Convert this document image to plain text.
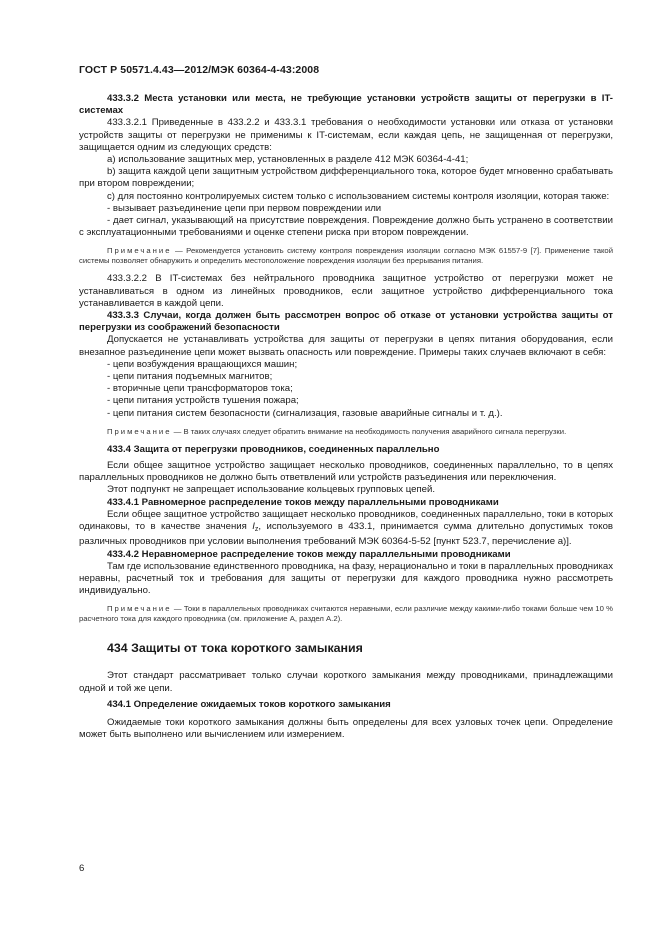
ГОСТ Р 50571.4.43—2012/МЭК 60364-4-43:2008

433.3.2 Места установки или места, не требующие установки устройств защиты от перегрузки в IT-системах

433.3.2.1 Приведенные в 433.2.2 и 433.3.1 требования о необходимости установки или отказа от установки устройств защиты от перегрузки не применимы к IT-системам, если каждая цепь, не защищенная от перегрузки, защищается одним из следующих средств:

a) использование защитных мер, установленных в разделе 412 МЭК 60364-4-41;

b) защита каждой цепи защитным устройством дифференциального тока, которое будет мгновенно срабатывать при втором повреждении;

c) для постоянно контролируемых систем только с использованием системы контроля изоляции, которая также:

- вызывает разъединение цепи при первом повреждении или

- дает сигнал, указывающий на присутствие повреждения. Повреждение должно быть устранено в соответствии с эксплуатационными требованиями и оценке степени риска при втором повреждении.

Примечание — Рекомендуется установить систему контроля повреждения изоляции согласно МЭК 61557-9 [7]. Применение такой системы позволяет обнаружить и определить местоположение повреждения изоляции без прерывания питания.

433.3.2.2 В IT-системах без нейтрального проводника защитное устройство от перегрузки может не устанавливаться в одном из линейных проводников, если защитное устройство дифференциального тока устанавливается в каждой цепи.

433.3.3 Случаи, когда должен быть рассмотрен вопрос об отказе от установки устройства защиты от перегрузки из соображений безопасности

Допускается не устанавливать устройства для защиты от перегрузки в цепях питания оборудования, если внезапное разъединение цепи может вызвать опасность или повреждение. Примеры таких случаев включают в себя:

- цепи возбуждения вращающихся машин;

- цепи питания подъемных магнитов;

- вторичные цепи трансформаторов тока;

- цепи питания устройств тушения пожара;

- цепи питания систем безопасности (сигнализация, газовые аварийные сигналы и т. д.).

Примечание — В таких случаях следует обратить внимание на необходимость получения аварийного сигнала перегрузки.

433.4 Защита от перегрузки проводников, соединенных параллельно

Если общее защитное устройство защищает несколько проводников, соединенных параллельно, то в цепях параллельных проводников не должно быть ответвлений или устройств разъединения или переключения.

Этот подпункт не запрещает использование кольцевых групповых цепей.

433.4.1 Равномерное распределение токов между параллельными проводниками

Если общее защитное устройство защищает несколько проводников, соединенных параллельно, токи в которых одинаковы, то в качестве значения $I_z$, используемого в 433.1, принимается сумма длительно допустимых токов различных проводников при условии выполнения требований МЭК 60364-5-52 [пункт 523.7, перечисление a)].

433.4.2 Неравномерное распределение токов между параллельными проводниками

Там где использование единственного проводника, на фазу, нерационально и токи в параллельных проводниках неравны, расчетный ток и требования для защиты от перегрузки для каждого проводника нужно рассмотреть индивидуально.

Примечание — Токи в параллельных проводниках считаются неравными, если различие между какими-либо токами больше чем 10 % расчетного тока для каждого проводника (см. приложение A, раздел A.2).

434 Защиты от тока короткого замыкания

Этот стандарт рассматривает только случаи короткого замыкания между проводниками, принадлежащими одной и той же цепи.

434.1 Определение ожидаемых токов короткого замыкания

Ожидаемые токи короткого замыкания должны быть определены для всех узловых точек цепи. Определение может быть выполнено или вычислением или измерением.

6
